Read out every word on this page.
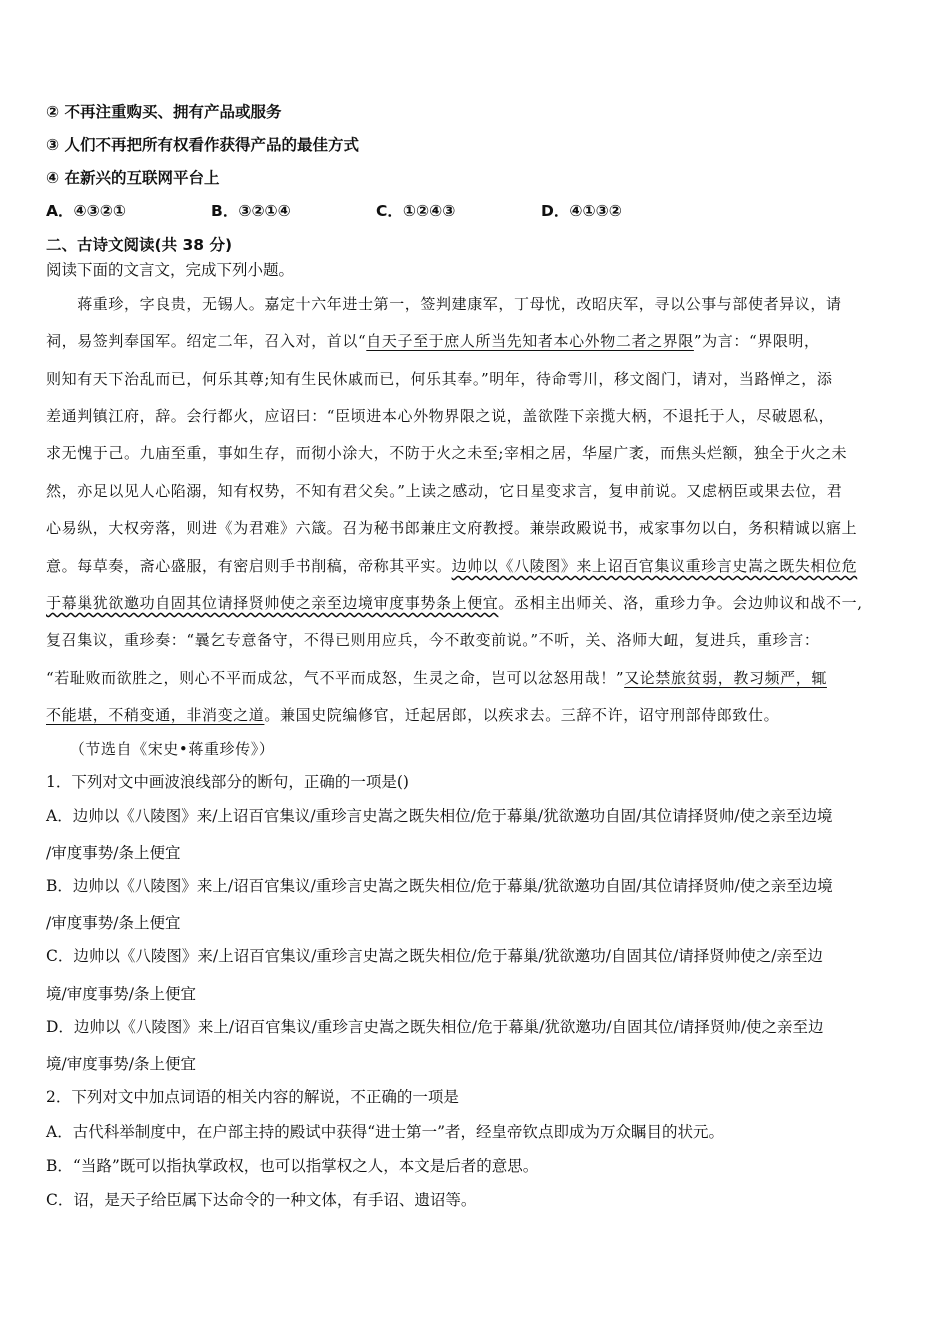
② 不再注重购买、拥有产品或服务
③ 人们不再把所有权看作获得产品的最佳方式
④ 在新兴的互联网平台上
A．④③②①	B．③②①④	C．①②④③	D．④①③②
二、古诗文阅读(共 38 分)
阅读下面的文言文，完成下列小题。
　　蒋重珍，字良贵，无锡人。嘉定十六年进士第一，签判建康军，丁母忧，改昭庆军，寻以公事与部使者异议，请
祠，易签判奉国军。绍定二年，召入对，首以“自天子至于庶人所当先知者本心外物二者之界限”为言：“界限明，
则知有天下治乱而已，何乐其尊;知有生民休戚而已，何乐其奉。”明年，待命雩川，移文阁门，请对，当路惮之，添
差通判镇江府，辞。会行都火，应诏曰：“臣顷进本心外物界限之说，盖欲陛下亲揽大柄，不退托于人，尽破恩私，
求无愧于己。九庙至重，事如生存，而彻小涂大，不防于火之未至;宰相之居，华屋广袤，而焦头烂额，独全于火之未
然，亦足以见人心陷溺，知有权势，不知有君父矣。”上读之感动，它日星变求言，复申前说。又虑柄臣或果去位，君
心易纵，大权旁落，则进《为君难》六箴。召为秘书郎兼庄文府教授。兼崇政殿说书，戒家事勿以白，务积精诚以寤上
意。每草奏，斋心盛服，有密启则手书削稿，帝称其平实。边帅以《八陵图》来上诏百官集议重珍言史嵩之既失相位危
于幕巢犹欲邀功自固其位请择贤帅使之亲至边境审度事势条上便宜。丞相主出师关、洛，重珍力争。会边帅议和战不一,
复召集议，重珍奏：“曩乞专意备守，不得已则用应兵，今不敢变前说。”不听，关、洛师大衄，复进兵，重珍言：
“若耻败而欲胜之，则心不平而成忿，气不平而成怒，生灵之命，岂可以忿怒用哉！”又论禁旅贫弱，教习频严，辄
不能堪，不稍变通，非消变之道。兼国史院编修官，迁起居郎，以疾求去。三辞不许，诏守刑部侍郎致仕。
　　（节选自《宋史•蒋重珍传》）
1．下列对文中画波浪线部分的断句，正确的一项是()
A．边帅以《八陵图》来/上诏百官集议/重珍言史嵩之既失相位/危于幕巢/犹欲邀功自固/其位请择贤帅/使之亲至边境
/审度事势/条上便宜
B．边帅以《八陵图》来上/诏百官集议/重珍言史嵩之既失相位/危于幕巢/犹欲邀功自固/其位请择贤帅/使之亲至边境
/审度事势/条上便宜
C．边帅以《八陵图》来/上诏百官集议/重珍言史嵩之既失相位/危于幕巢/犹欲邀功/自固其位/请择贤帅使之/亲至边
境/审度事势/条上便宜
D．边帅以《八陵图》来上/诏百官集议/重珍言史嵩之既失相位/危于幕巢/犹欲邀功/自固其位/请择贤帅/使之亲至边
境/审度事势/条上便宜
2．下列对文中加点词语的相关内容的解说，不正确的一项是
A．古代科举制度中，在户部主持的殿试中获得“进士第一”者，经皇帝钦点即成为万众瞩目的状元。
B．“当路”既可以指执掌政权，也可以指掌权之人，本文是后者的意思。
C．诏，是天子给臣属下达命令的一种文体，有手诏、遗诏等。
